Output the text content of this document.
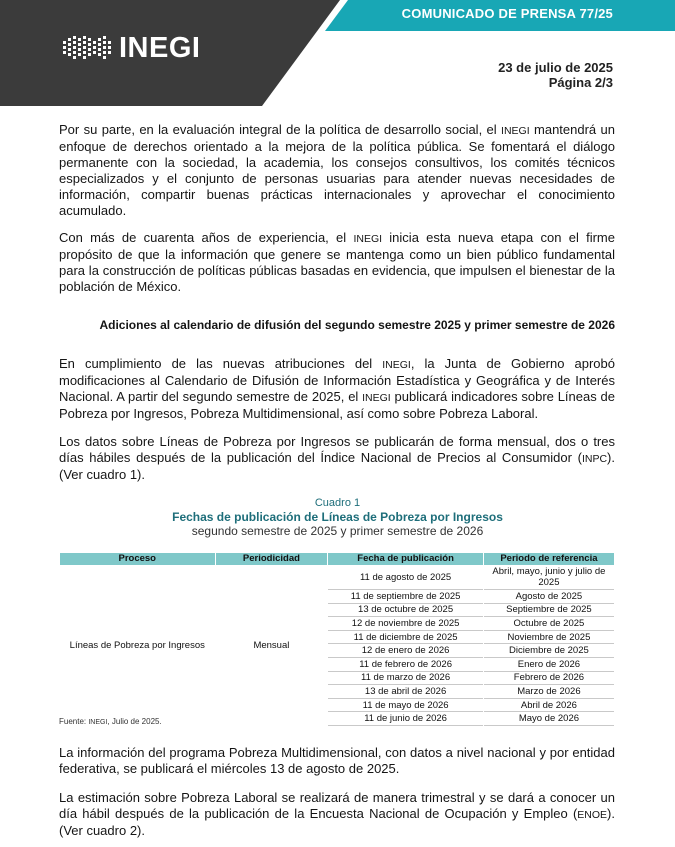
COMUNICADO DE PRENSA 77/25
INEGI
23 de julio de 2025
Página 2/3

Por su parte, en la evaluación integral de la política de desarrollo social, el INEGI mantendrá un enfoque de derechos orientado a la mejora de la política pública. Se fomentará el diálogo permanente con la sociedad, la academia, los consejos consultivos, los comités técnicos especializados y el conjunto de personas usuarias para atender nuevas necesidades de información, compartir buenas prácticas internacionales y aprovechar el conocimiento acumulado.

Con más de cuarenta años de experiencia, el INEGI inicia esta nueva etapa con el firme propósito de que la información que genere se mantenga como un bien público fundamental para la construcción de políticas públicas basadas en evidencia, que impulsen el bienestar de la población de México.

Adiciones al calendario de difusión del segundo semestre 2025 y primer semestre de 2026

En cumplimiento de las nuevas atribuciones del INEGI, la Junta de Gobierno aprobó modificaciones al Calendario de Difusión de Información Estadística y Geográfica y de Interés Nacional. A partir del segundo semestre de 2025, el INEGI publicará indicadores sobre Líneas de Pobreza por Ingresos, Pobreza Multidimensional, así como sobre Pobreza Laboral.

Los datos sobre Líneas de Pobreza por Ingresos se publicarán de forma mensual, dos o tres días hábiles después de la publicación del Índice Nacional de Precios al Consumidor (INPC). (Ver cuadro 1).

Cuadro 1
Fechas de publicación de Líneas de Pobreza por Ingresos
segundo semestre de 2025 y primer semestre de 2026
Proceso	Periodicidad	Fecha de publicación	Periodo de referencia
Líneas de Pobreza por Ingresos	Mensual	11 de agosto de 2025	Abril, mayo, junio y julio de 2025
		11 de septiembre de 2025	Agosto de 2025
		13 de octubre de 2025	Septiembre de 2025
		12 de noviembre de 2025	Octubre de 2025
		11 de diciembre de 2025	Noviembre de 2025
		12 de enero de 2026	Diciembre de 2025
		11 de febrero de 2026	Enero de 2026
		11 de marzo de 2026	Febrero de 2026
		13 de abril de 2026	Marzo de 2026
		11 de mayo de 2026	Abril de 2026
		11 de junio de 2026	Mayo de 2026
Fuente: INEGI, Julio de 2025.

La información del programa Pobreza Multidimensional, con datos a nivel nacional y por entidad federativa, se publicará el miércoles 13 de agosto de 2025.

La estimación sobre Pobreza Laboral se realizará de manera trimestral y se dará a conocer un día hábil después de la publicación de la Encuesta Nacional de Ocupación y Empleo (ENOE). (Ver cuadro 2).
